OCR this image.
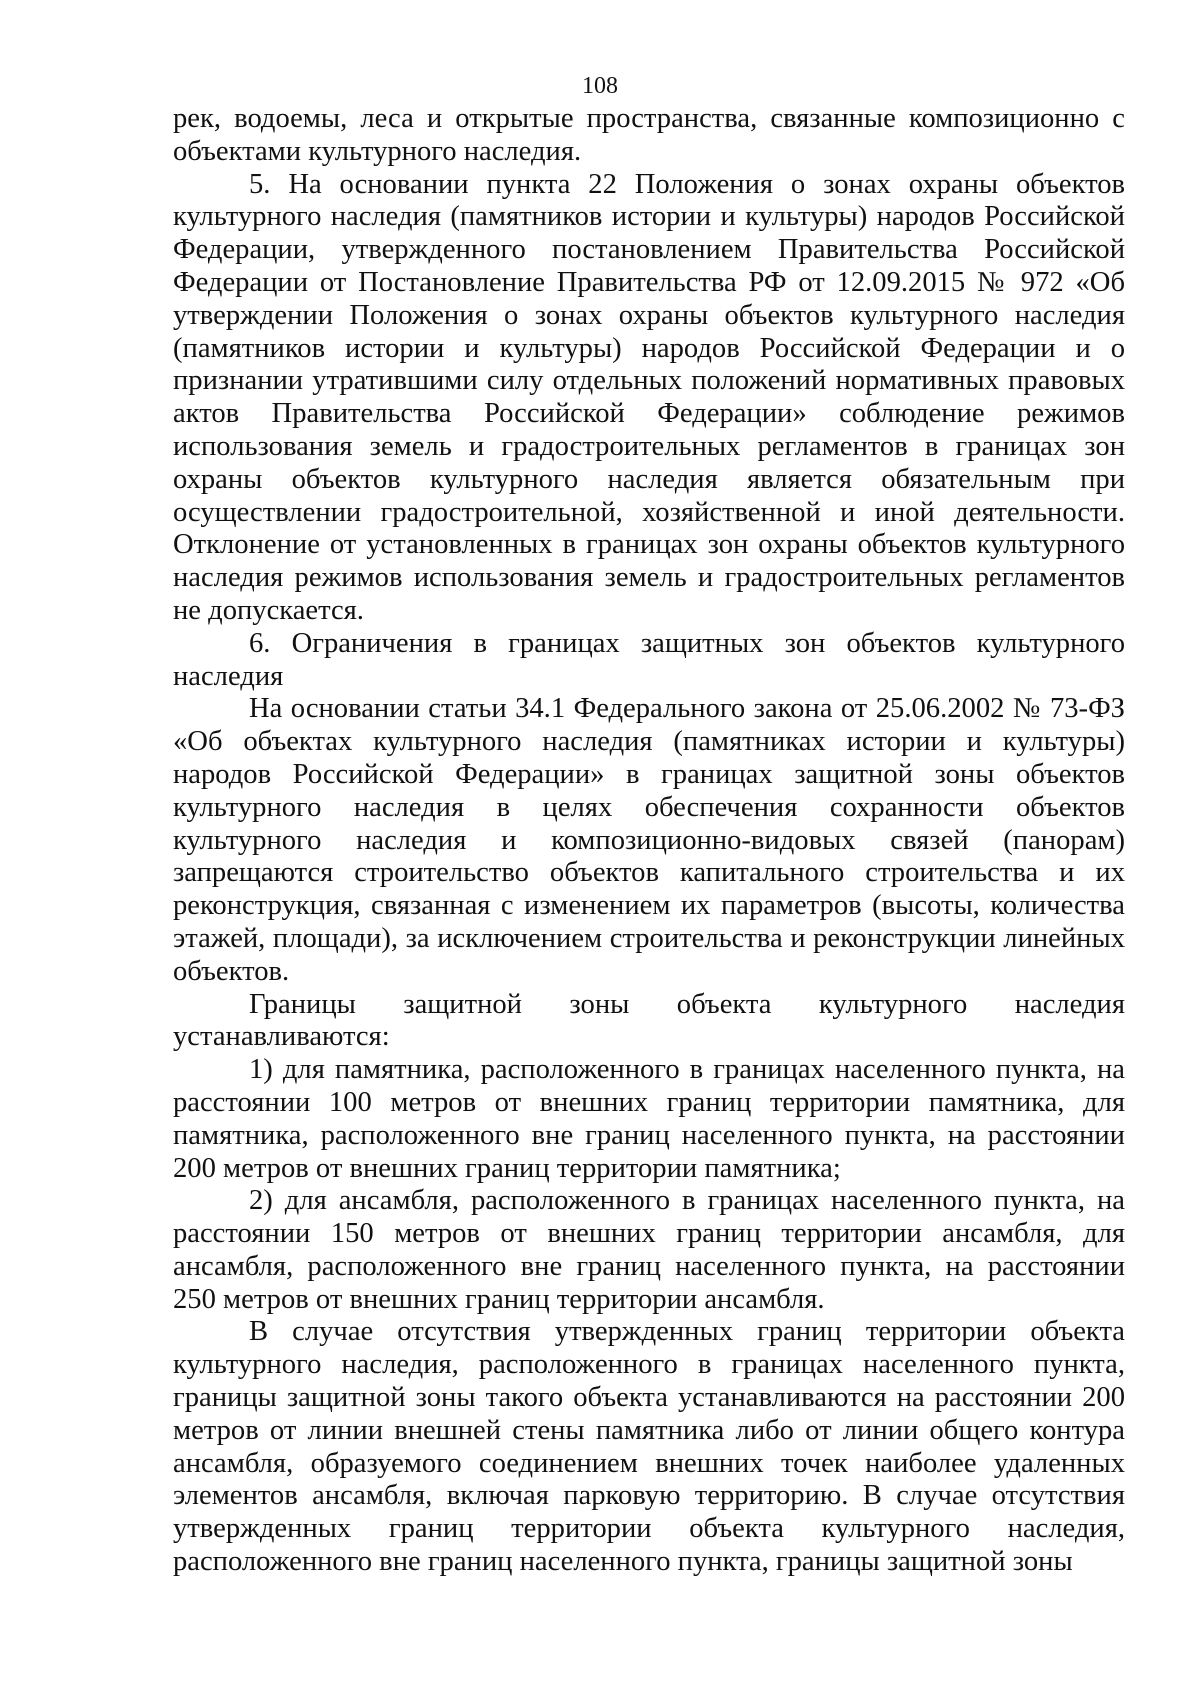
108

рек, водоемы, леса и открытые пространства, связанные композиционно с объектами культурного наследия.

5. На основании пункта 22 Положения о зонах охраны объектов культурного наследия (памятников истории и культуры) народов Российской Федерации, утвержденного постановлением Правительства Российской Федерации от Постановление Правительства РФ от 12.09.2015 № 972 «Об утверждении Положения о зонах охраны объектов культурного наследия (памятников истории и культуры) народов Российской Федерации и о признании утратившими силу отдельных положений нормативных правовых актов Правительства Российской Федерации» соблюдение режимов использования земель и градостроительных регламентов в границах зон охраны объектов культурного наследия является обязательным при осуществлении градостроительной, хозяйственной и иной деятельности. Отклонение от установленных в границах зон охраны объектов культурного наследия режимов использования земель и градостроительных регламентов не допускается.

6. Ограничения в границах защитных зон объектов культурного наследия

На основании статьи 34.1 Федерального закона от 25.06.2002 № 73-ФЗ «Об объектах культурного наследия (памятниках истории и культуры) народов Российской Федерации» в границах защитной зоны объектов культурного наследия в целях обеспечения сохранности объектов культурного наследия и композиционно-видовых связей (панорам) запрещаются строительство объектов капитального строительства и их реконструкция, связанная с изменением их параметров (высоты, количества этажей, площади), за исключением строительства и реконструкции линейных объектов.

Границы защитной зоны объекта культурного наследия устанавливаются:

1) для памятника, расположенного в границах населенного пункта, на расстоянии 100 метров от внешних границ территории памятника, для памятника, расположенного вне границ населенного пункта, на расстоянии 200 метров от внешних границ территории памятника;

2) для ансамбля, расположенного в границах населенного пункта, на расстоянии 150 метров от внешних границ территории ансамбля, для ансамбля, расположенного вне границ населенного пункта, на расстоянии 250 метров от внешних границ территории ансамбля.

В случае отсутствия утвержденных границ территории объекта культурного наследия, расположенного в границах населенного пункта, границы защитной зоны такого объекта устанавливаются на расстоянии 200 метров от линии внешней стены памятника либо от линии общего контура ансамбля, образуемого соединением внешних точек наиболее удаленных элементов ансамбля, включая парковую территорию. В случае отсутствия утвержденных границ территории объекта культурного наследия, расположенного вне границ населенного пункта, границы защитной зоны
